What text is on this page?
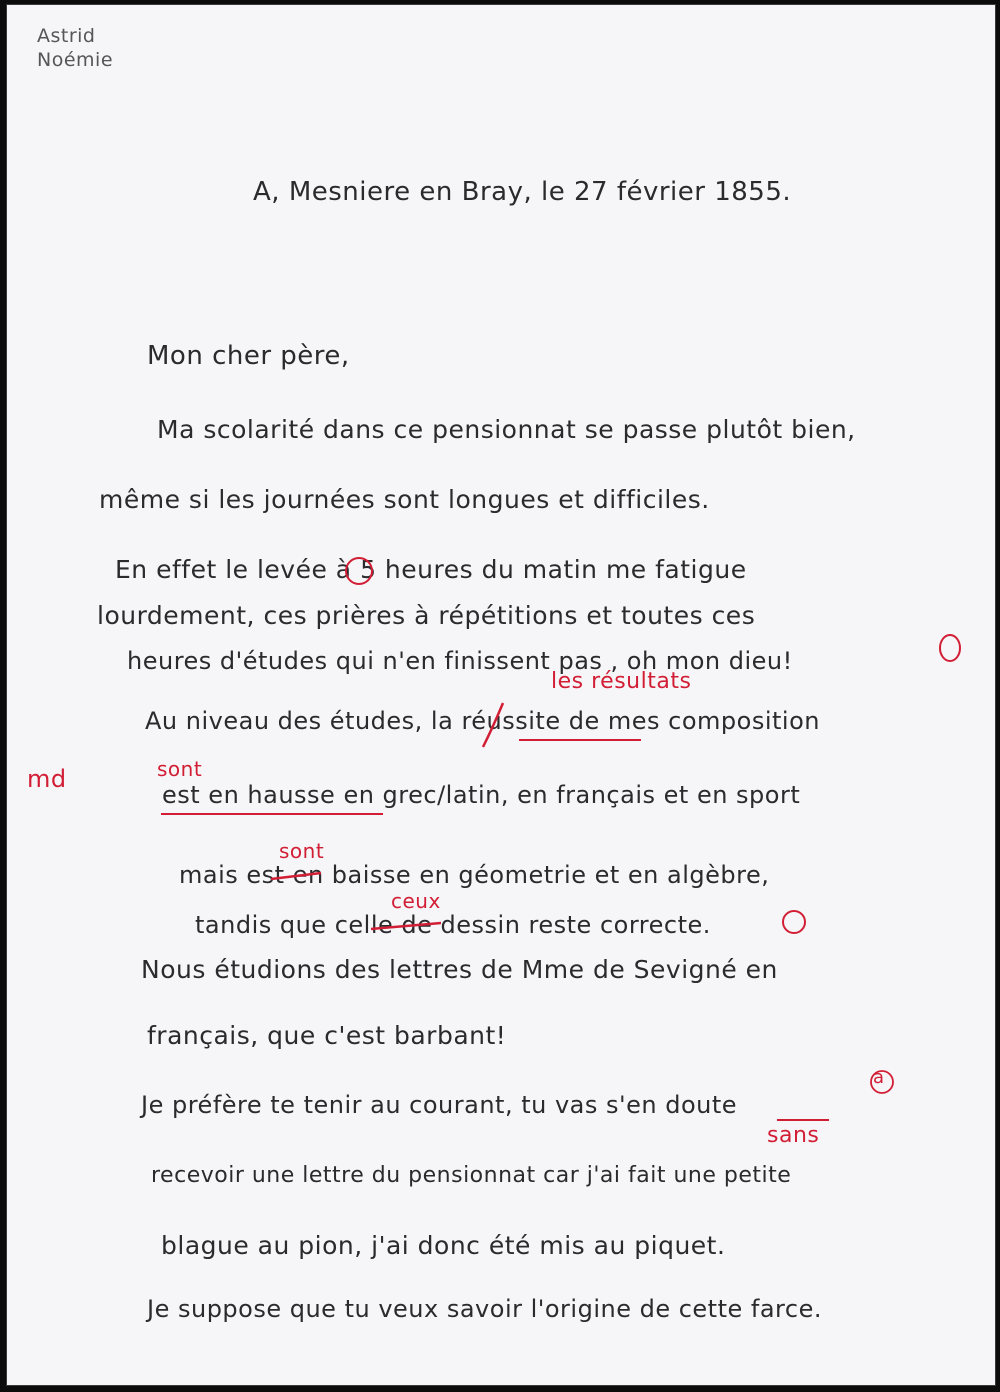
Astrid
Noémie
A, Mesniere en Bray, le 27 février 1855.
Mon cher père,
Ma scolarité dans ce pensionnat se passe plutôt bien,
même si les journées sont longues et difficiles.
En effet le levée à 5 heures du matin me fatigue
lourdement, ces prières à répétitions et toutes ces
heures d'études qui n'en finissent pas , oh mon dieu!
les résultats
Au niveau des études, la réussite de mes composition
md	sont
est en hausse en grec/latin, en français et en sport
sont
mais est en baisse en géometrie et en algèbre,
ceux
tandis que celle de dessin reste correcte.
Nous étudions des lettres de Mme de Sevigné en
français, que c'est barbant!
a
Je préfère te tenir au courant, tu vas s'en doute
sans
recevoir une lettre du pensionnat car j'ai fait une petite
blague au pion, j'ai donc été mis au piquet.
Je suppose que tu veux savoir l'origine de cette farce.
